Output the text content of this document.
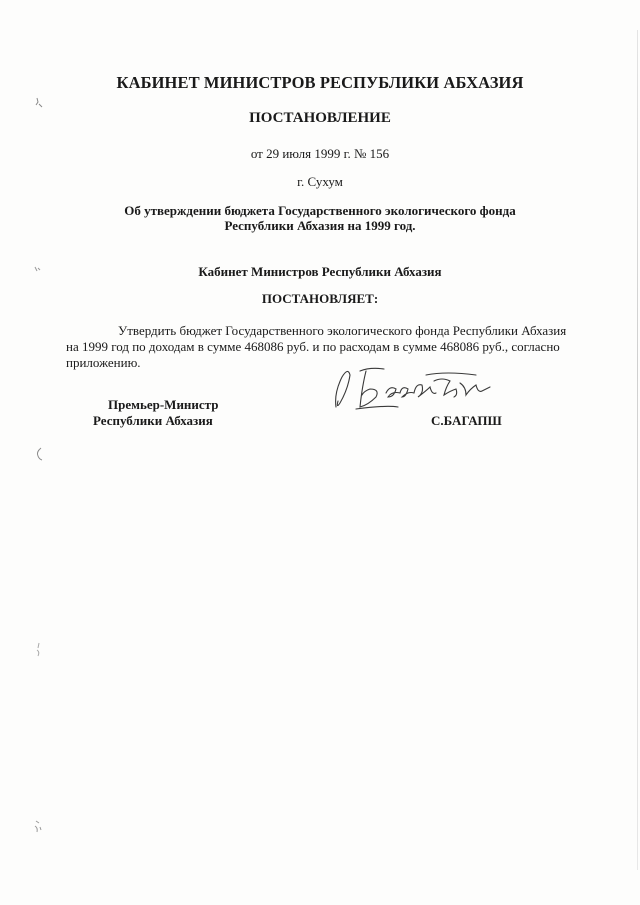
КАБИНЕТ МИНИСТРОВ РЕСПУБЛИКИ АБХАЗИЯ
ПОСТАНОВЛЕНИЕ
от 29 июля 1999 г. № 156
г. Сухум
Об утверждении бюджета Государственного экологического фонда
Республики Абхазия на 1999 год.
Кабинет Министров Республики Абхазия
ПОСТАНОВЛЯЕТ:
Утвердить бюджет Государственного экологического фонда Республики Абхазия
на 1999 год по доходам в сумме 468086 руб. и по расходам в сумме 468086 руб., согласно
приложению.
Премьер-Министр
Республики Абхазия	С.БАГАПШ
